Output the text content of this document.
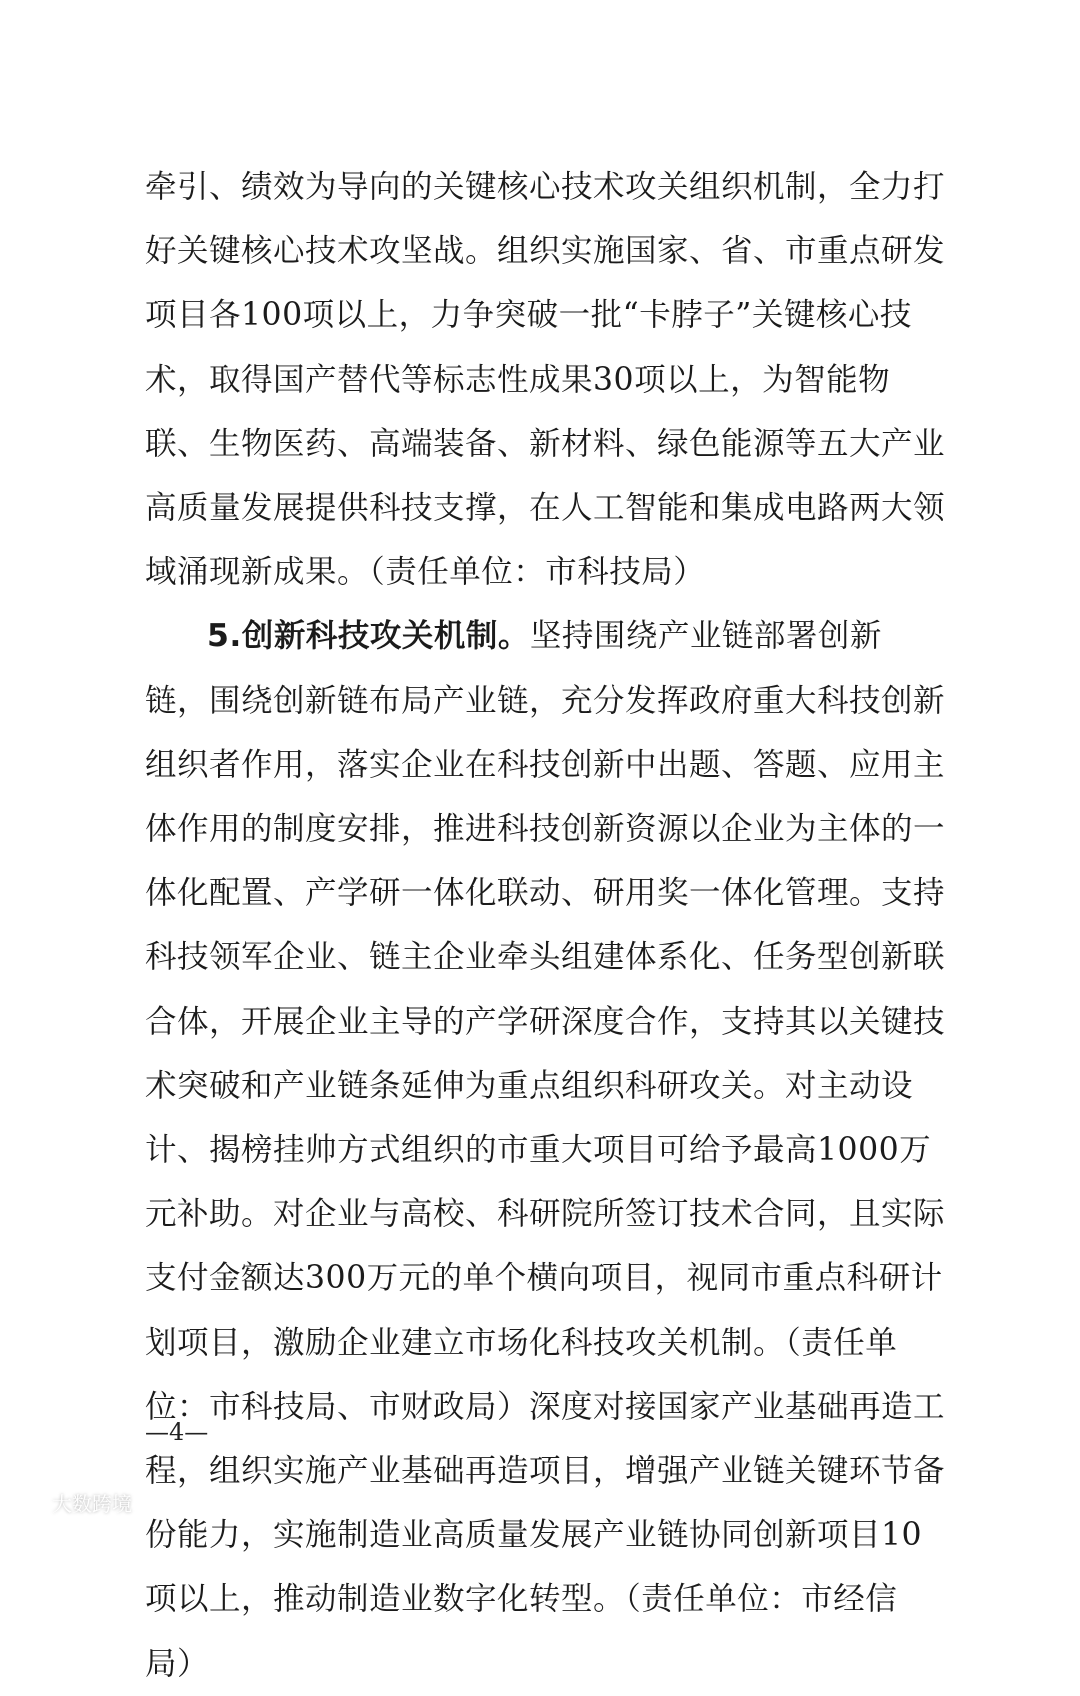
牵引、绩效为导向的关键核心技术攻关组织机制，全力打好关键核心技术攻坚战。组织实施国家、省、市重点研发项目各100项以上，力争突破一批“卡脖子”关键核心技术，取得国产替代等标志性成果30项以上，为智能物联、生物医药、高端装备、新材料、绿色能源等五大产业高质量发展提供科技支撑，在人工智能和集成电路两大领域涌现新成果。（责任单位：市科技局）

5.创新科技攻关机制。坚持围绕产业链部署创新链，围绕创新链布局产业链，充分发挥政府重大科技创新组织者作用，落实企业在科技创新中出题、答题、应用主体作用的制度安排，推进科技创新资源以企业为主体的一体化配置、产学研一体化联动、研用奖一体化管理。支持科技领军企业、链主企业牵头组建体系化、任务型创新联合体，开展企业主导的产学研深度合作，支持其以关键技术突破和产业链条延伸为重点组织科研攻关。对主动设计、揭榜挂帅方式组织的市重大项目可给予最高1000万元补助。对企业与高校、科研院所签订技术合同，且实际支付金额达300万元的单个横向项目，视同市重点科研计划项目，激励企业建立市场化科技攻关机制。（责任单位：市科技局、市财政局）深度对接国家产业基础再造工程，组织实施产业基础再造项目，增强产业链关键环节备份能力，实施制造业高质量发展产业链协同创新项目10项以上，推动制造业数字化转型。（责任单位：市经信局）

—4—
大数跨境
